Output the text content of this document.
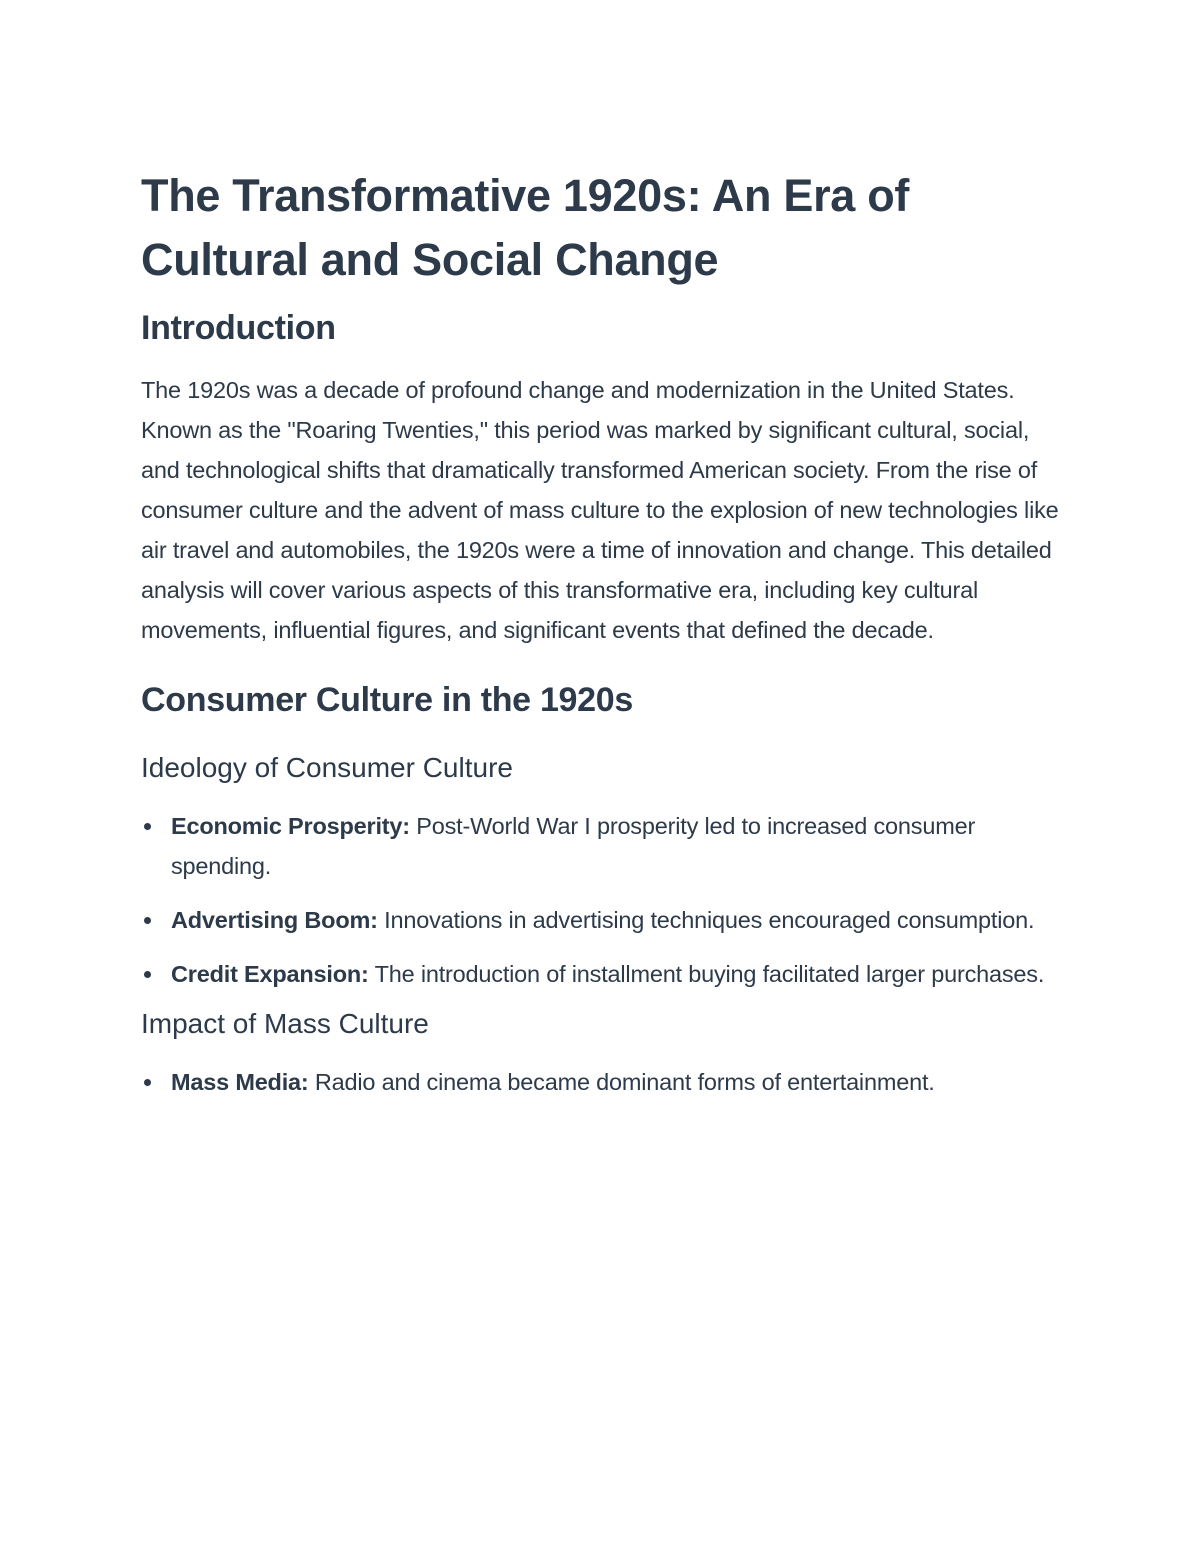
The Transformative 1920s: An Era of Cultural and Social Change
Introduction

The 1920s was a decade of profound change and modernization in the United States. Known as the "Roaring Twenties," this period was marked by significant cultural, social, and technological shifts that dramatically transformed American society. From the rise of consumer culture and the advent of mass culture to the explosion of new technologies like air travel and automobiles, the 1920s were a time of innovation and change. This detailed analysis will cover various aspects of this transformative era, including key cultural movements, influential figures, and significant events that defined the decade.

Consumer Culture in the 1920s
Ideology of Consumer Culture
Economic Prosperity: Post-World War I prosperity led to increased consumer spending.
Advertising Boom: Innovations in advertising techniques encouraged consumption.
Credit Expansion: The introduction of installment buying facilitated larger purchases.
Impact of Mass Culture
Mass Media: Radio and cinema became dominant forms of entertainment.
